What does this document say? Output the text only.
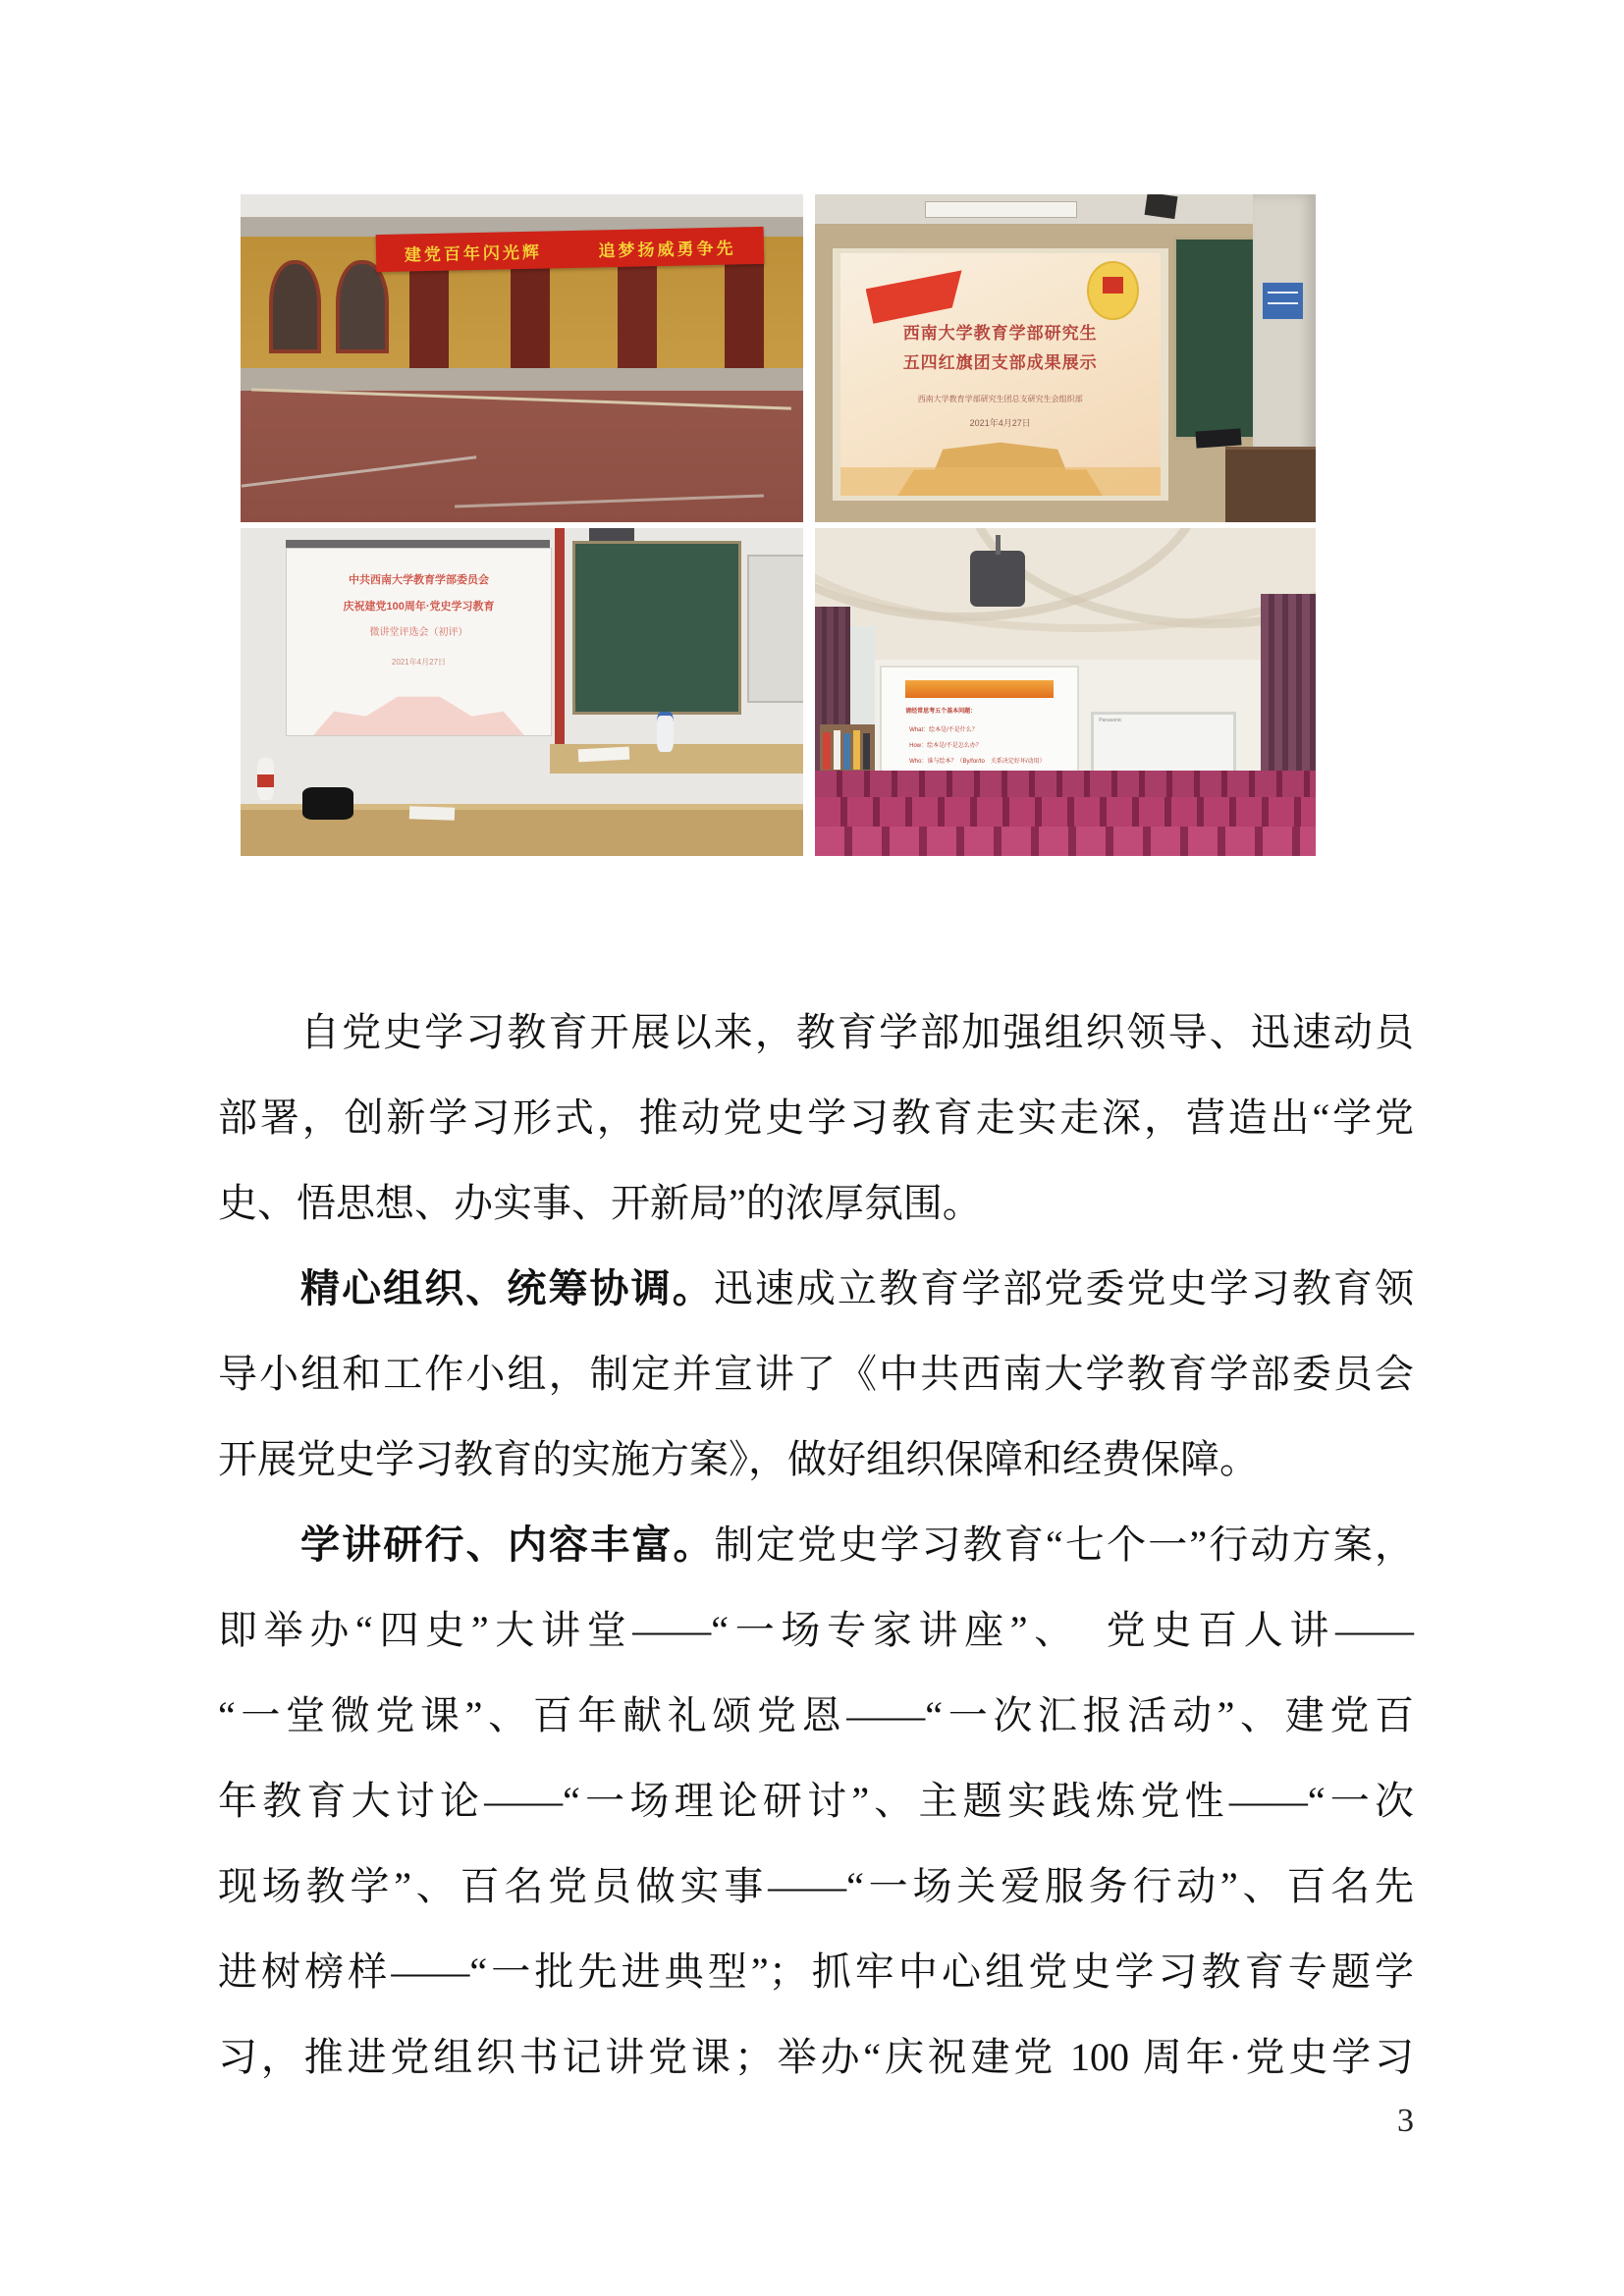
建党百年闪光辉	追梦扬威勇争先
西南大学教育学部研究生
五四红旗团支部成果展示
西南大学教育学部研究生团总支研究生会组织部
2021年4月27日
中共西南大学教育学部委员会
庆祝建党100周年·党史学习教育
微讲堂评选会（初评）
2021年4月27日
请经常思考五个基本问题：
What：绘本是/不是什么？
How：绘本是/不是怎么办？
Who：谁与绘本？（By/for/to　关系决定好坏/动用）
Panasonic
自党史学习教育开展以来，教育学部加强组织领导、迅速动员
部署，创新学习形式，推动党史学习教育走实走深，营造出“学党
史、悟思想、办实事、开新局”的浓厚氛围。
精心组织、统筹协调。迅速成立教育学部党委党史学习教育领
导小组和工作小组，制定并宣讲了《中共西南大学教育学部委员会
开展党史学习教育的实施方案》，做好组织保障和经费保障。
学讲研行、内容丰富。制定党史学习教育“七个一”行动方案，
即举办“四史”大讲堂——“一场专家讲座”、　党史百人讲——
“一堂微党课”、百年献礼颂党恩——“一次汇报活动”、建党百
年教育大讨论——“一场理论研讨”、主题实践炼党性——“一次
现场教学”、百名党员做实事——“一场关爱服务行动”、百名先
进树榜样——“一批先进典型”；抓牢中心组党史学习教育专题学
习，推进党组织书记讲党课；举办“庆祝建党 100 周年·党史学习
3
